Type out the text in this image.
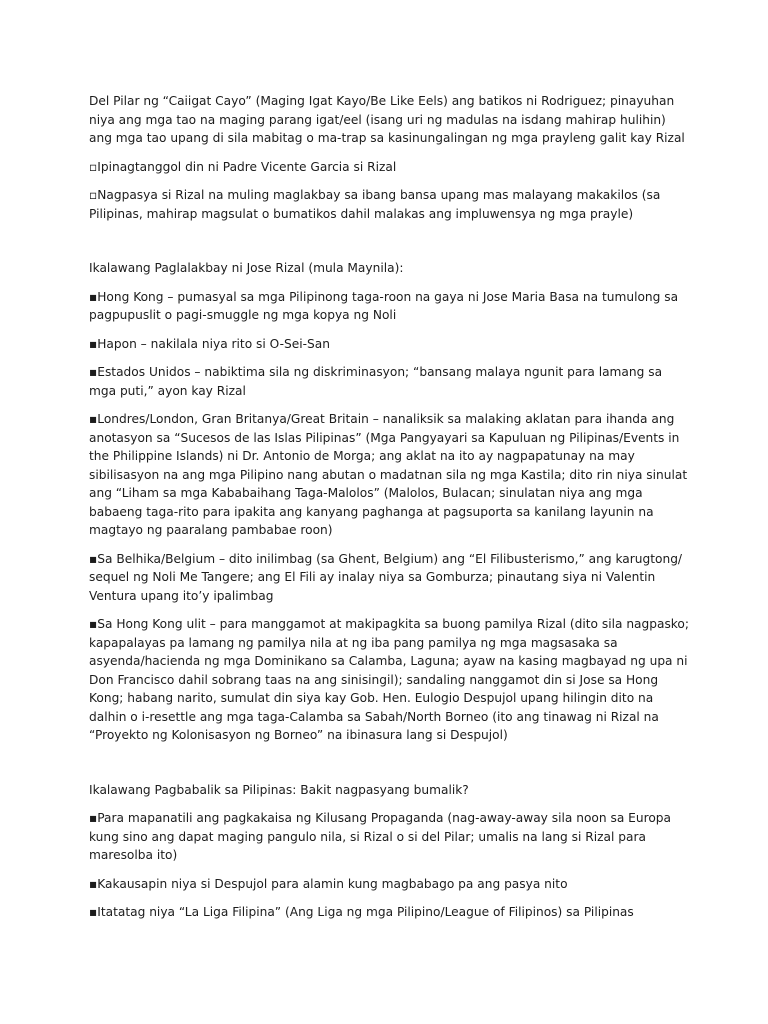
Del Pilar ng “Caiigat Cayo” (Maging Igat Kayo/Be Like Eels) ang batikos ni Rodriguez; pinayuhan niya ang mga tao na maging parang igat/eel (isang uri ng madulas na isdang mahirap hulihin) ang mga tao upang di sila mabitag o ma-trap sa kasinungalingan ng mga prayleng galit kay Rizal

▫Ipinagtanggol din ni Padre Vicente Garcia si Rizal

▫Nagpasya si Rizal na muling maglakbay sa ibang bansa upang mas malayang makakilos (sa Pilipinas, mahirap magsulat o bumatikos dahil malakas ang impluwensya ng mga prayle)

Ikalawang Paglalakbay ni Jose Rizal (mula Maynila):

▪Hong Kong – pumasyal sa mga Pilipinong taga-roon na gaya ni Jose Maria Basa na tumulong sa pagpupuslit o pagi-smuggle ng mga kopya ng Noli

▪Hapon – nakilala niya rito si O-Sei-San

▪Estados Unidos – nabiktima sila ng diskriminasyon; “bansang malaya ngunit para lamang sa mga puti,” ayon kay Rizal

▪Londres/London, Gran Britanya/Great Britain – nanaliksik sa malaking aklatan para ihanda ang anotasyon sa “Sucesos de las Islas Pilipinas” (Mga Pangyayari sa Kapuluan ng Pilipinas/Events in the Philippine Islands) ni Dr. Antonio de Morga; ang aklat na ito ay nagpapatunay na may sibilisasyon na ang mga Pilipino nang abutan o madatnan sila ng mga Kastila; dito rin niya sinulat ang “Liham sa mga Kababaihang Taga-Malolos” (Malolos, Bulacan; sinulatan niya ang mga babaeng taga-rito para ipakita ang kanyang paghanga at pagsuporta sa kanilang layunin na magtayo ng paaralang pambabae roon)

▪Sa Belhika/Belgium – dito inilimbag (sa Ghent, Belgium) ang “El Filibusterismo,” ang karugtong/ sequel ng Noli Me Tangere; ang El Fili ay inalay niya sa Gomburza; pinautang siya ni Valentin Ventura upang ito’y ipalimbag

▪Sa Hong Kong ulit – para manggamot at makipagkita sa buong pamilya Rizal (dito sila nagpasko; kapapalayas pa lamang ng pamilya nila at ng iba pang pamilya ng mga magsasaka sa asyenda/hacienda ng mga Dominikano sa Calamba, Laguna; ayaw na kasing magbayad ng upa ni Don Francisco dahil sobrang taas na ang sinisingil); sandaling nanggamot din si Jose sa Hong Kong; habang narito, sumulat din siya kay Gob. Hen. Eulogio Despujol upang hilingin dito na dalhin o i-resettle ang mga taga-Calamba sa Sabah/North Borneo (ito ang tinawag ni Rizal na “Proyekto ng Kolonisasyon ng Borneo” na ibinasura lang si Despujol)

Ikalawang Pagbabalik sa Pilipinas: Bakit nagpasyang bumalik?

▪Para mapanatili ang pagkakaisa ng Kilusang Propaganda (nag-away-away sila noon sa Europa kung sino ang dapat maging pangulo nila, si Rizal o si del Pilar; umalis na lang si Rizal para maresolba ito)

▪Kakausapin niya si Despujol para alamin kung magbabago pa ang pasya nito

▪Itatatag niya “La Liga Filipina” (Ang Liga ng mga Pilipino/League of Filipinos) sa Pilipinas
